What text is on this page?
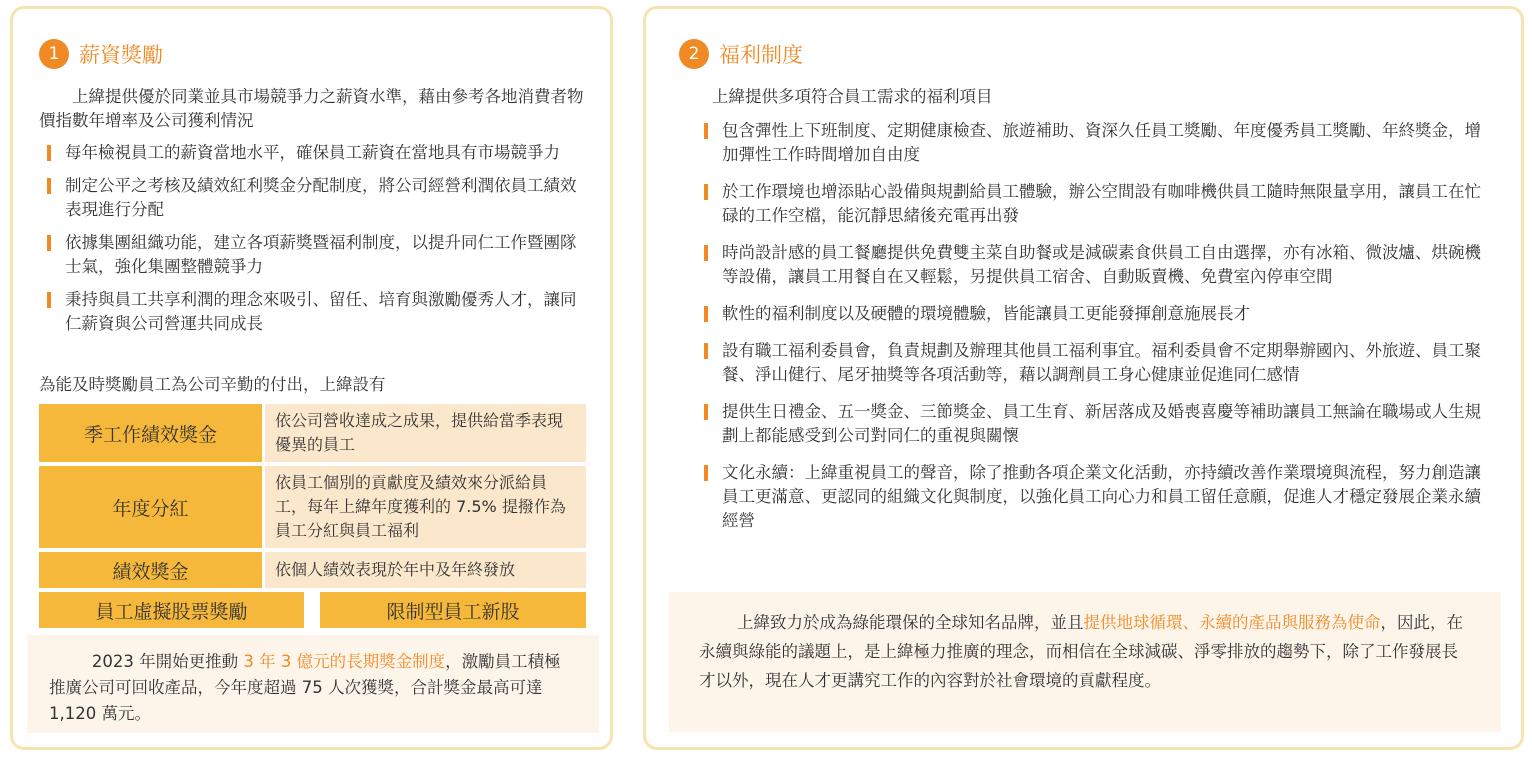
1 薪資獎勵
上緯提供優於同業並具市場競爭力之薪資水準，藉由參考各地消費者物價指數年增率及公司獲利情況
每年檢視員工的薪資當地水平，確保員工薪資在當地具有市場競爭力
制定公平之考核及績效紅利獎金分配制度，將公司經營利潤依員工績效表現進行分配
依據集團組織功能，建立各項薪獎暨福利制度，以提升同仁工作暨團隊士氣，強化集團整體競爭力
秉持與員工共享利潤的理念來吸引、留任、培育與激勵優秀人才，讓同仁薪資與公司營運共同成長
為能及時獎勵員工為公司辛勤的付出，上緯設有
季工作績效獎金
依公司營收達成之成果，提供給當季表現優異的員工
年度分紅
依員工個別的貢獻度及績效來分派給員工，每年上緯年度獲利的 7.5% 提撥作為員工分紅與員工福利
績效獎金	依個人績效表現於年中及年終發放
員工虛擬股票獎勵	限制型員工新股
2023 年開始更推動 3 年 3 億元的長期獎金制度，激勵員工積極推廣公司可回收產品，今年度超過 75 人次獲獎，合計獎金最高可達 1,120 萬元。
2 福利制度
上緯提供多項符合員工需求的福利項目
包含彈性上下班制度、定期健康檢查、旅遊補助、資深久任員工獎勵、年度優秀員工獎勵、年終獎金，增加彈性工作時間增加自由度
於工作環境也增添貼心設備與規劃給員工體驗，辦公空間設有咖啡機供員工隨時無限量享用，讓員工在忙碌的工作空檔，能沉靜思緒後充電再出發
時尚設計感的員工餐廳提供免費雙主菜自助餐或是減碳素食供員工自由選擇，亦有冰箱、微波爐、烘碗機等設備，讓員工用餐自在又輕鬆，另提供員工宿舍、自動販賣機、免費室內停車空間
軟性的福利制度以及硬體的環境體驗，皆能讓員工更能發揮創意施展長才
設有職工福利委員會，負責規劃及辦理其他員工福利事宜。福利委員會不定期舉辦國內、外旅遊、員工聚餐、淨山健行、尾牙抽獎等各項活動等，藉以調劑員工身心健康並促進同仁感情
提供生日禮金、五一獎金、三節獎金、員工生育、新居落成及婚喪喜慶等補助讓員工無論在職場或人生規劃上都能感受到公司對同仁的重視與關懷
文化永續：上緯重視員工的聲音，除了推動各項企業文化活動，亦持續改善作業環境與流程，努力創造讓員工更滿意、更認同的組織文化與制度，以強化員工向心力和員工留任意願，促進人才穩定發展企業永續經營
上緯致力於成為綠能環保的全球知名品牌，並且提供地球循環、永續的產品與服務為使命，因此，在永續與綠能的議題上，是上緯極力推廣的理念，而相信在全球減碳、淨零排放的趨勢下，除了工作發展長才以外，現在人才更講究工作的內容對於社會環境的貢獻程度。
